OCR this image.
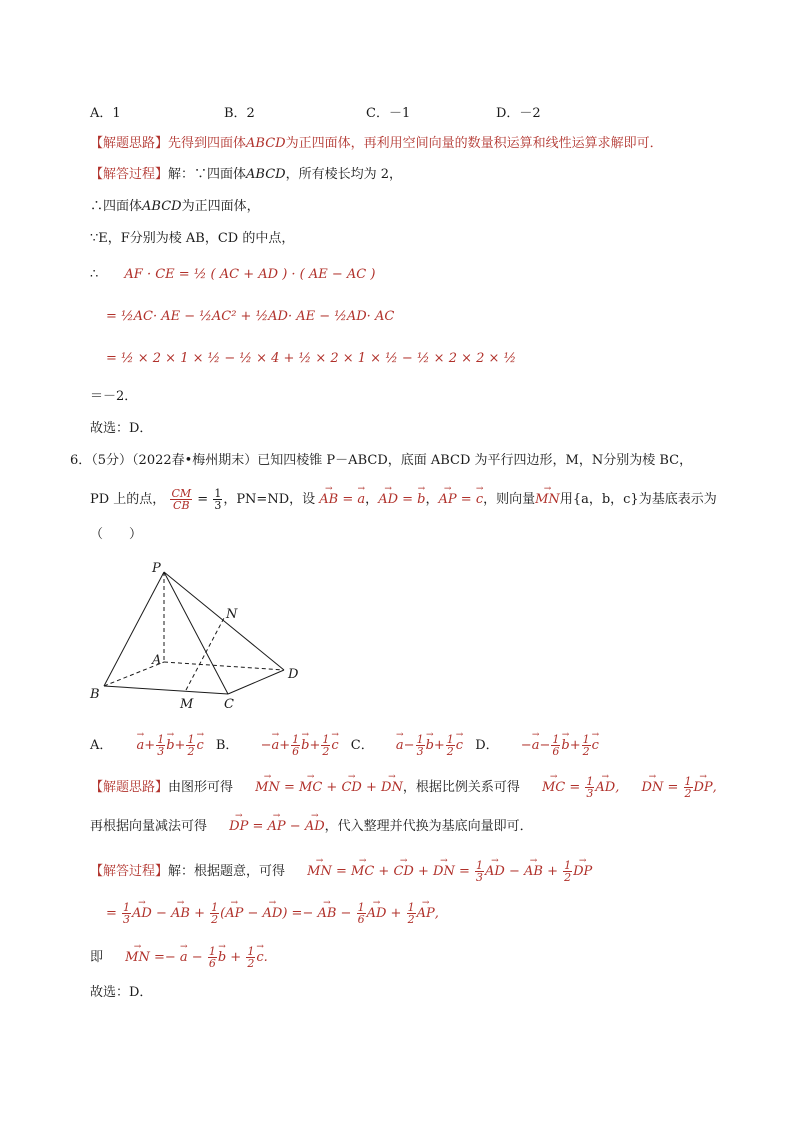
A．1	B．2	C．－1	D．－2
【解题思路】先得到四面体ABCD为正四面体，再利用空间向量的数量积运算和线性运算求解即可．
【解答过程】解：∵四面体ABCD，所有棱长均为 2，
∴四面体ABCD为正四面体，
∵E，F分别为棱 AB，CD 的中点，
∴ AF · CE = ½ ( AC + AD ) · ( AE − AC )
= ½AC· AE − ½AC² + ½AD· AE − ½AD· AC
= ½ × 2 × 1 × ½ − ½ × 4 + ½ × 2 × 1 × ½ − ½ × 2 × 2 × ½
＝－2．
故选：D．
6．（5分）（2022春•梅州期末）已知四棱锥 P－ABCD，底面 ABCD 为平行四边形，M，N分别为棱 BC，
PD 上的点， $\frac{CM}{CB} = \frac{1}{3}$ ，PN=ND，设 → AB = → a，→ AD = → b，→ AP = → c，则向量→ MN用{a，b，c}为基底表示为
（　　）
P
N
A
D
B
M C
A． → $a+ \frac{1}{3}$
→ $b+ \frac{1}{2}$
→ c B． −→ $a+ \frac{1}{6}$
→ $b+ \frac{1}{2}$
→ c C． → $a- \frac{1}{3}$
→ $b+ \frac{1}{2}$
→ c D． −→ $a- \frac{1}{6}$
→ $b+ \frac{1}{2}$
→ c
【解题思路】由图形可得 → MN = → MC + → CD + → DN，根据比例关系可得 → MC = $\frac{1}{3}$
→ AD, → DN = $\frac{1}{2}$
→ DP,
再根据向量减法可得 → DP = → AP − → AD，代入整理并代换为基底向量即可．
【解答过程】解：根据题意，可得 → MN = → MC + → CD + → DN = $\frac{1}{3}$
→ AD − → AB + $\frac{1}{2}$
→ DP
= $\frac{1}{3}$
→ AD − → AB + $\frac{1}{2}$ (→ AP − → AD) =− → AB − $\frac{1}{6}$
→ AD + $\frac{1}{2}$
→ AP,
即 → MN =− → $a - \frac{1}{6}$
→ $b + \frac{1}{2}$
→ c.
故选：D．
